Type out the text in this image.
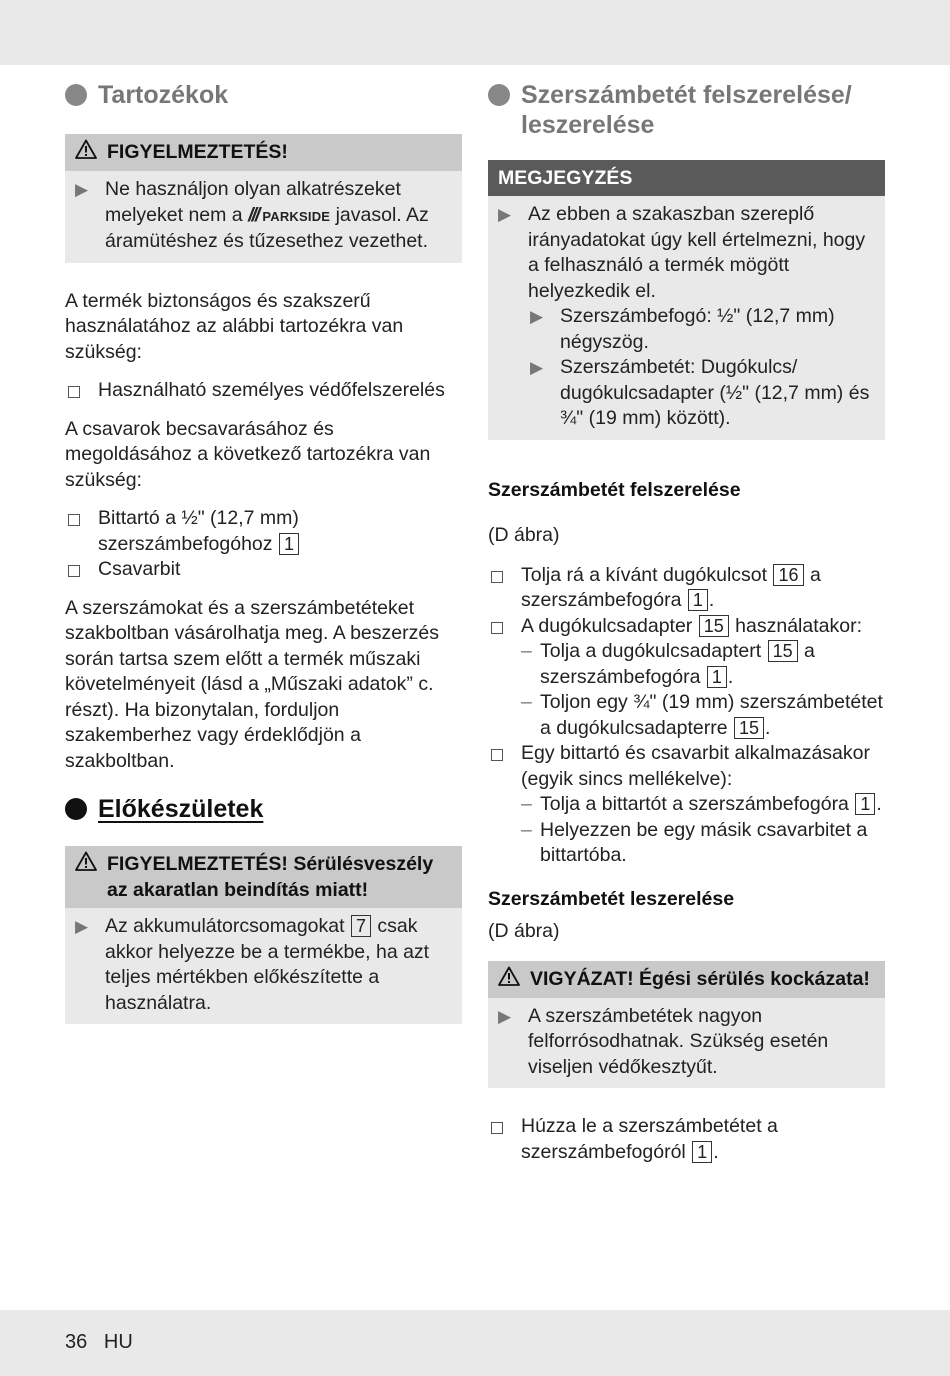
Tartozékok
FIGYELMEZTETÉS!
▶ Ne használjon olyan alkatrészeket melyeket nem a /// PARKSIDE javasol. Az áramütéshez és tűzesethez vezethet.

A termék biztonságos és szakszerű használatához az alábbi tartozékra van szükség:

Használható személyes védőfelszerelés

A csavarok becsavarásához és megoldásához a következő tartozékra van szükség:

Bittartó a ½" (12,7 mm) szerszámbefogóhoz 1
Csavarbit

A szerszámokat és a szerszámbetéteket szakboltban vásárolhatja meg. A beszerzés során tartsa szem előtt a termék műszaki követelményeit (lásd a „Műszaki adatok” c. részt). Ha bizonytalan, forduljon szakemberhez vagy érdeklődjön a szakboltban.

Előkészületek
FIGYELMEZTETÉS! Sérülésveszély az akaratlan beindítás miatt!
▶ Az akkumulátorcsomagokat 7 csak akkor helyezze be a termékbe, ha azt teljes mértékben előkészítette a használatra.
Szerszámbetét felszerelése/ leszerelése
MEGJEGYZÉS
▶ Az ebben a szakaszban szereplő irányadatokat úgy kell értelmezni, hogy a felhasználó a termék mögött helyezkedik el.
▶ Szerszámbefogó: ½" (12,7 mm) négyszög.
▶ Szerszámbetét: Dugókulcs/ dugókulcsadapter (½" (12,7 mm) és ¾" (19 mm) között).
Szerszámbetét felszerelése

(D ábra)

Tolja rá a kívánt dugókulcsot 16 a szerszámbefogóra 1 .
A dugókulcsadapter 15 használatakor:
– Tolja a dugókulcsadaptert 15 a szerszámbefogóra 1 .
– Toljon egy ¾" (19 mm) szerszámbetétet a dugókulcsadapterre 15 .
Egy bittartó és csavarbit alkalmazásakor (egyik sincs mellékelve):
– Tolja a bittartót a szerszámbefogóra 1 .
– Helyezzen be egy másik csavarbitet a bittartóba.
Szerszámbetét leszerelése

(D ábra)

VIGYÁZAT! Égési sérülés kockázata!
▶ A szerszámbetétek nagyon felforrósodhatnak. Szükség esetén viseljen védőkesztyűt.
Húzza le a szerszámbetétet a szerszámbefogóról 1 .
36 HU
